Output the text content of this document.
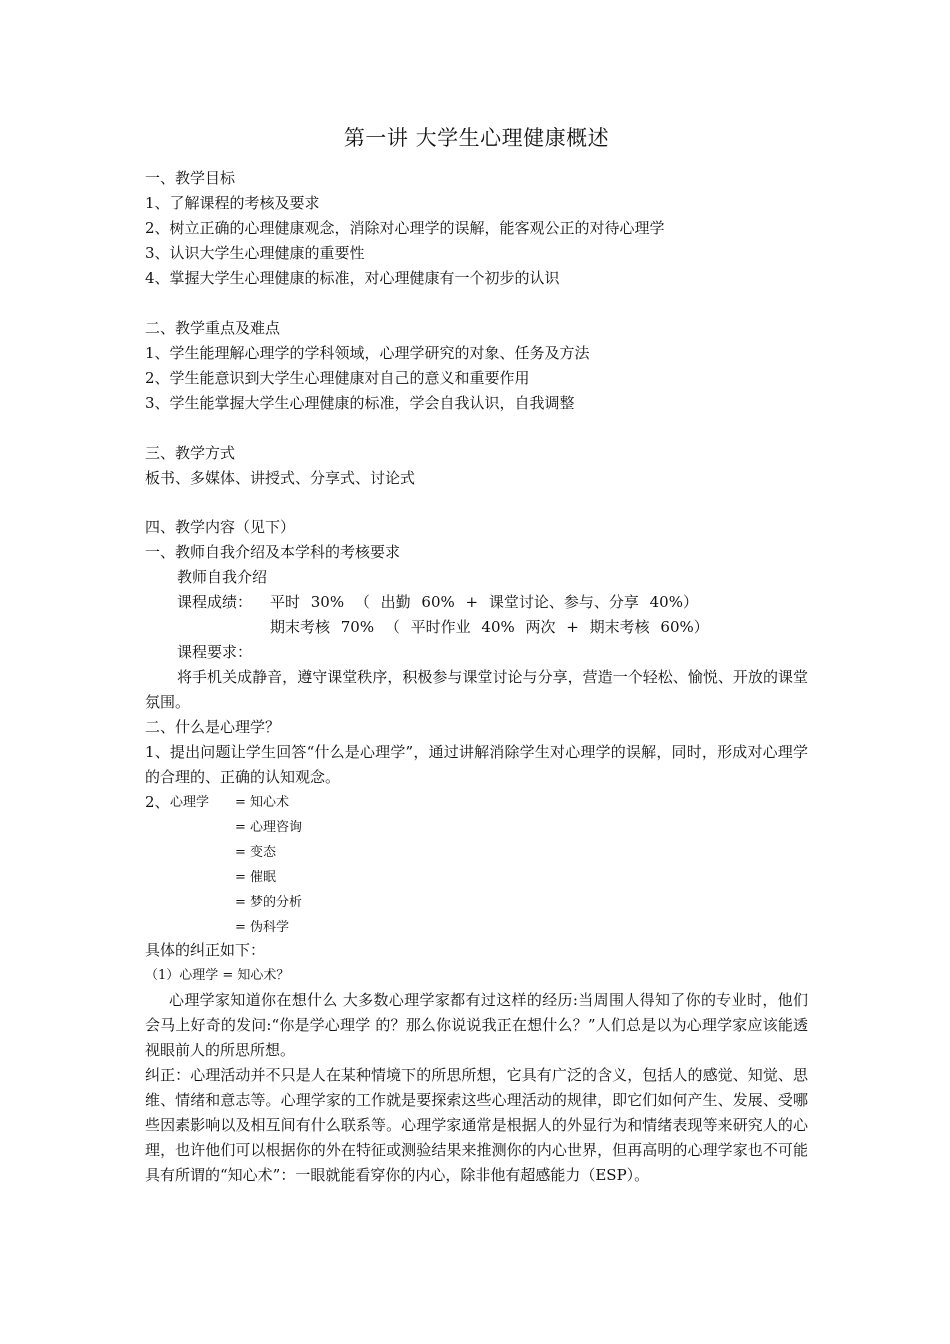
第一讲 大学生心理健康概述
一、教学目标
1、了解课程的考核及要求
2、树立正确的心理健康观念，消除对心理学的误解，能客观公正的对待心理学
3、认识大学生心理健康的重要性
4、掌握大学生心理健康的标准，对心理健康有一个初步的认识
二、教学重点及难点
1、学生能理解心理学的学科领域，心理学研究的对象、任务及方法
2、学生能意识到大学生心理健康对自己的意义和重要作用
3、学生能掌握大学生心理健康的标准，学会自我认识，自我调整
三、教学方式
板书、多媒体、讲授式、分享式、讨论式
四、教学内容（见下）
一、教师自我介绍及本学科的考核要求
教师自我介绍
课程成绩： 平时 30% （ 出勤 60% + 课堂讨论、参与、分享 40%）
期末考核 70% （ 平时作业 40% 两次 + 期末考核 60%）
课程要求：
将手机关成静音，遵守课堂秩序，积极参与课堂讨论与分享，营造一个轻松、愉悦、开放的课堂氛围。
二、什么是心理学？
1、提出问题让学生回答“什么是心理学”，通过讲解消除学生对心理学的误解，同时，形成对心理学的合理的、正确的认知观念。
2、 心理学 = 知心术
= 心理咨询
= 变态
= 催眠
= 梦的分析
= 伪科学
具体的纠正如下：
（1）心理学 = 知心术？
心理学家知道你在想什么 大多数心理学家都有过这样的经历:当周围人得知了你的专业时，他们会马上好奇的发问:“你是学心理学 的？那么你说说我正在想什么？”人们总是以为心理学家应该能透视眼前人的所思所想。
纠正：心理活动并不只是人在某种情境下的所思所想，它具有广泛的含义，包括人的感觉、知觉、思维、情绪和意志等。心理学家的工作就是要探索这些心理活动的规律，即它们如何产生、发展、受哪些因素影响以及相互间有什么联系等。心理学家通常是根据人的外显行为和情绪表现等来研究人的心理，也许他们可以根据你的外在特征或测验结果来推测你的内心世界，但再高明的心理学家也不可能具有所谓的“知心术”：一眼就能看穿你的内心，除非他有超感能力（ESP）。
